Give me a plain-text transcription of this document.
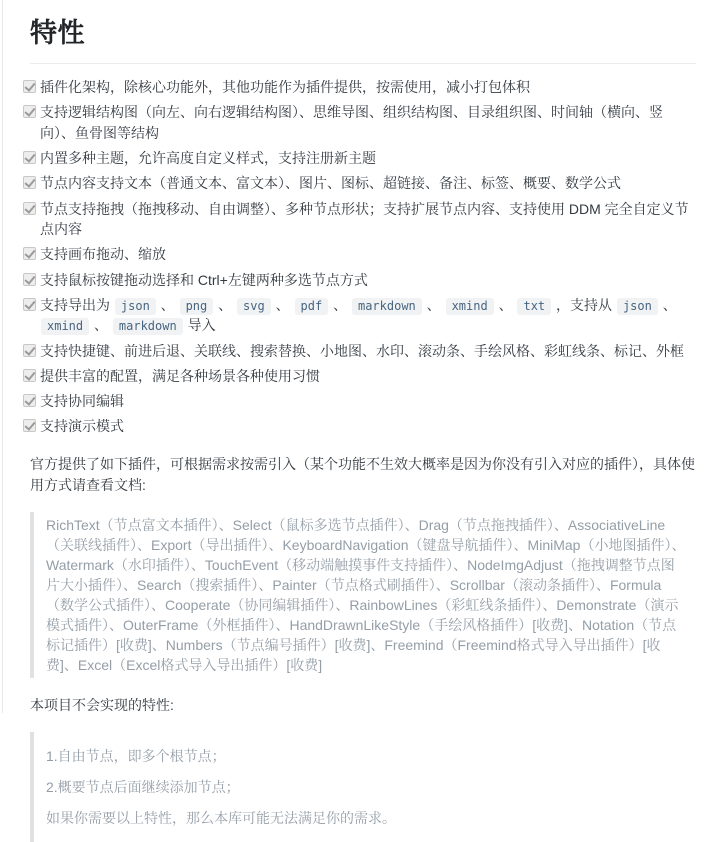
特性
插件化架构，除核心功能外，其他功能作为插件提供，按需使用，减小打包体积
支持逻辑结构图（向左、向右逻辑结构图）、思维导图、组织结构图、目录组织图、时间轴（横向、竖向）、鱼骨图等结构
内置多种主题，允许高度自定义样式，支持注册新主题
节点内容支持文本（普通文本、富文本）、图片、图标、超链接、备注、标签、概要、数学公式
节点支持拖拽（拖拽移动、自由调整）、多种节点形状；支持扩展节点内容、支持使用 DDM 完全自定义节点内容
支持画布拖动、缩放
支持鼠标按键拖动选择和 Ctrl+左键两种多选节点方式
支持导出为 json 、 png 、 svg 、 pdf 、 markdown 、 xmind 、 txt ，支持从 json 、 xmind 、 markdown 导入
支持快捷键、前进后退、关联线、搜索替换、小地图、水印、滚动条、手绘风格、彩虹线条、标记、外框
提供丰富的配置，满足各种场景各种使用习惯
支持协同编辑
支持演示模式

官方提供了如下插件，可根据需求按需引入（某个功能不生效大概率是因为你没有引入对应的插件），具体使用方式请查看文档:

RichText（节点富文本插件）、Select（鼠标多选节点插件）、Drag（节点拖拽插件）、AssociativeLine（关联线插件）、Export（导出插件）、KeyboardNavigation（键盘导航插件）、MiniMap（小地图插件）、Watermark（水印插件）、TouchEvent（移动端触摸事件支持插件）、NodeImgAdjust（拖拽调整节点图片大小插件）、Search（搜索插件）、Painter（节点格式刷插件）、Scrollbar（滚动条插件）、Formula（数学公式插件）、Cooperate（协同编辑插件）、RainbowLines（彩虹线条插件）、Demonstrate（演示模式插件）、OuterFrame（外框插件）、HandDrawnLikeStyle（手绘风格插件）[收费]、Notation（节点标记插件）[收费]、Numbers（节点编号插件）[收费]、Freemind（Freemind格式导入导出插件）[收费]、Excel（Excel格式导入导出插件）[收费]

本项目不会实现的特性:

1.自由节点，即多个根节点；

2.概要节点后面继续添加节点；

如果你需要以上特性，那么本库可能无法满足你的需求。
